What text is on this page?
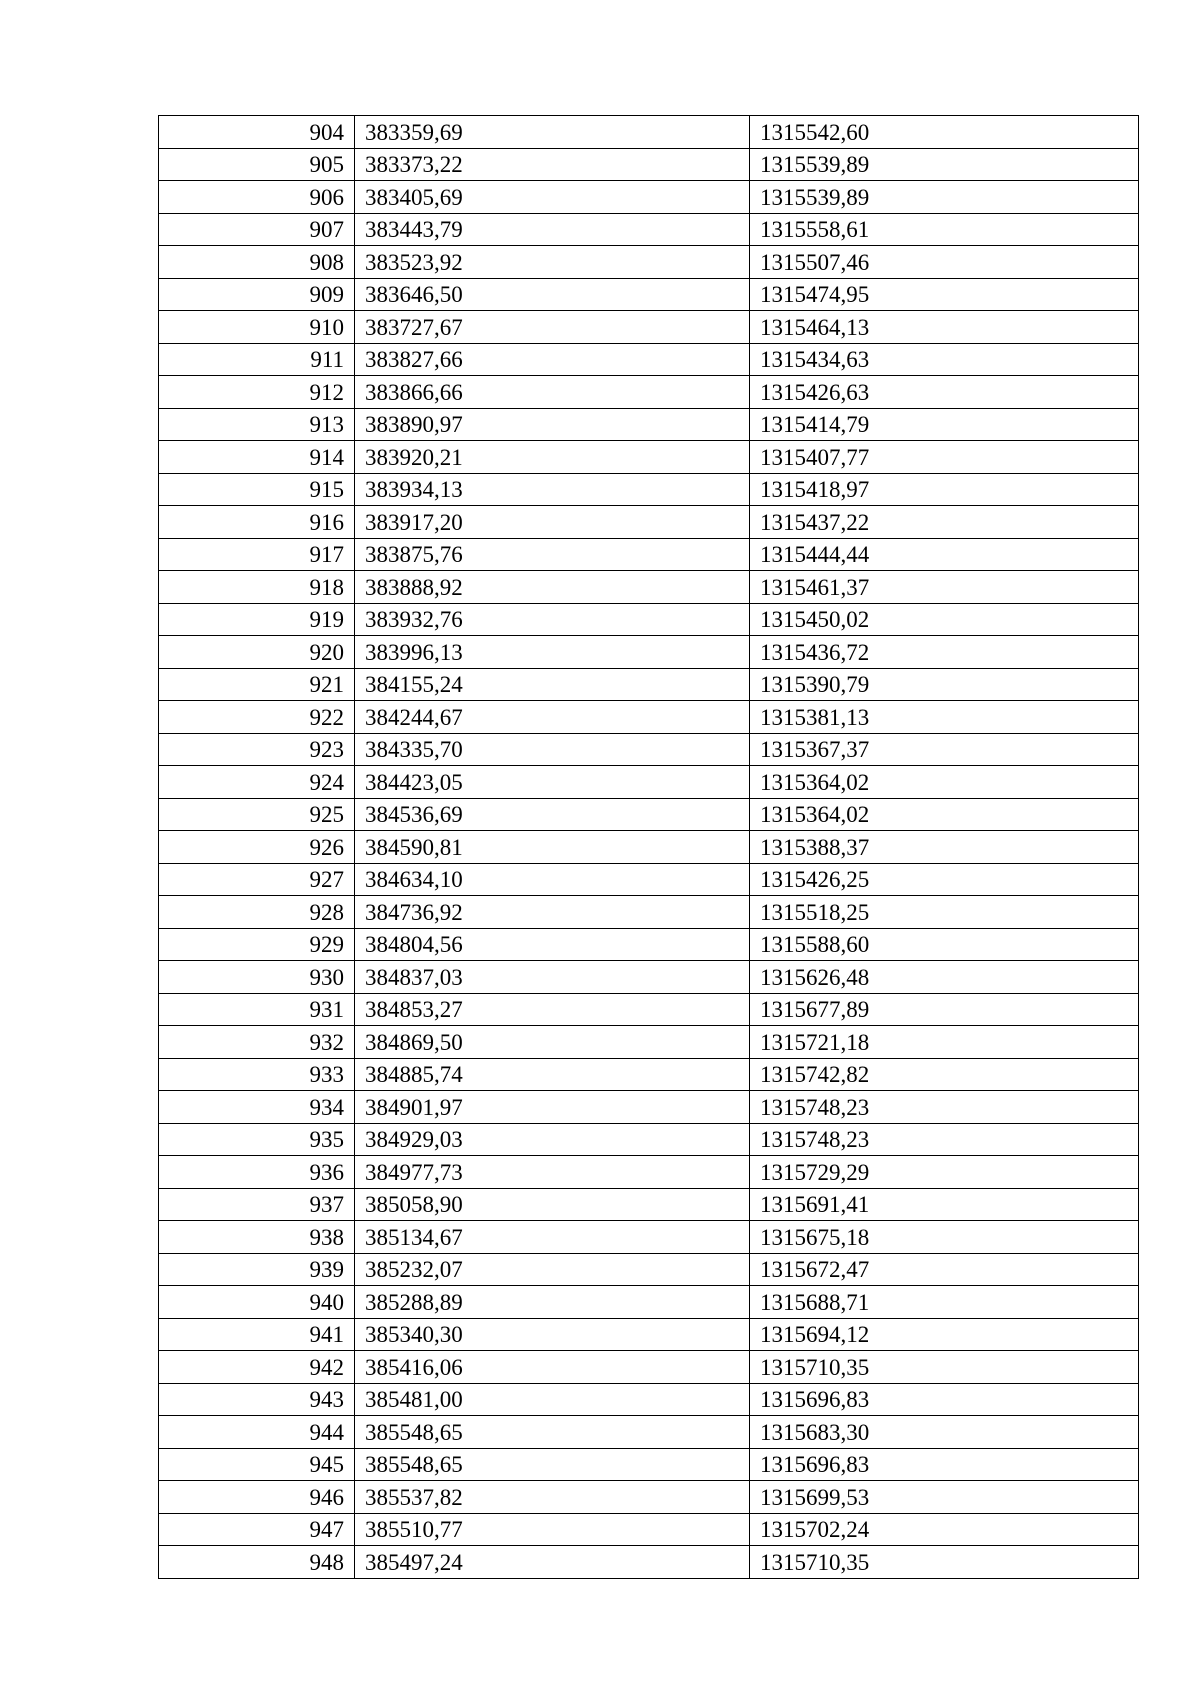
904	383359,69	1315542,60
905	383373,22	1315539,89
906	383405,69	1315539,89
907	383443,79	1315558,61
908	383523,92	1315507,46
909	383646,50	1315474,95
910	383727,67	1315464,13
911	383827,66	1315434,63
912	383866,66	1315426,63
913	383890,97	1315414,79
914	383920,21	1315407,77
915	383934,13	1315418,97
916	383917,20	1315437,22
917	383875,76	1315444,44
918	383888,92	1315461,37
919	383932,76	1315450,02
920	383996,13	1315436,72
921	384155,24	1315390,79
922	384244,67	1315381,13
923	384335,70	1315367,37
924	384423,05	1315364,02
925	384536,69	1315364,02
926	384590,81	1315388,37
927	384634,10	1315426,25
928	384736,92	1315518,25
929	384804,56	1315588,60
930	384837,03	1315626,48
931	384853,27	1315677,89
932	384869,50	1315721,18
933	384885,74	1315742,82
934	384901,97	1315748,23
935	384929,03	1315748,23
936	384977,73	1315729,29
937	385058,90	1315691,41
938	385134,67	1315675,18
939	385232,07	1315672,47
940	385288,89	1315688,71
941	385340,30	1315694,12
942	385416,06	1315710,35
943	385481,00	1315696,83
944	385548,65	1315683,30
945	385548,65	1315696,83
946	385537,82	1315699,53
947	385510,77	1315702,24
948	385497,24	1315710,35
